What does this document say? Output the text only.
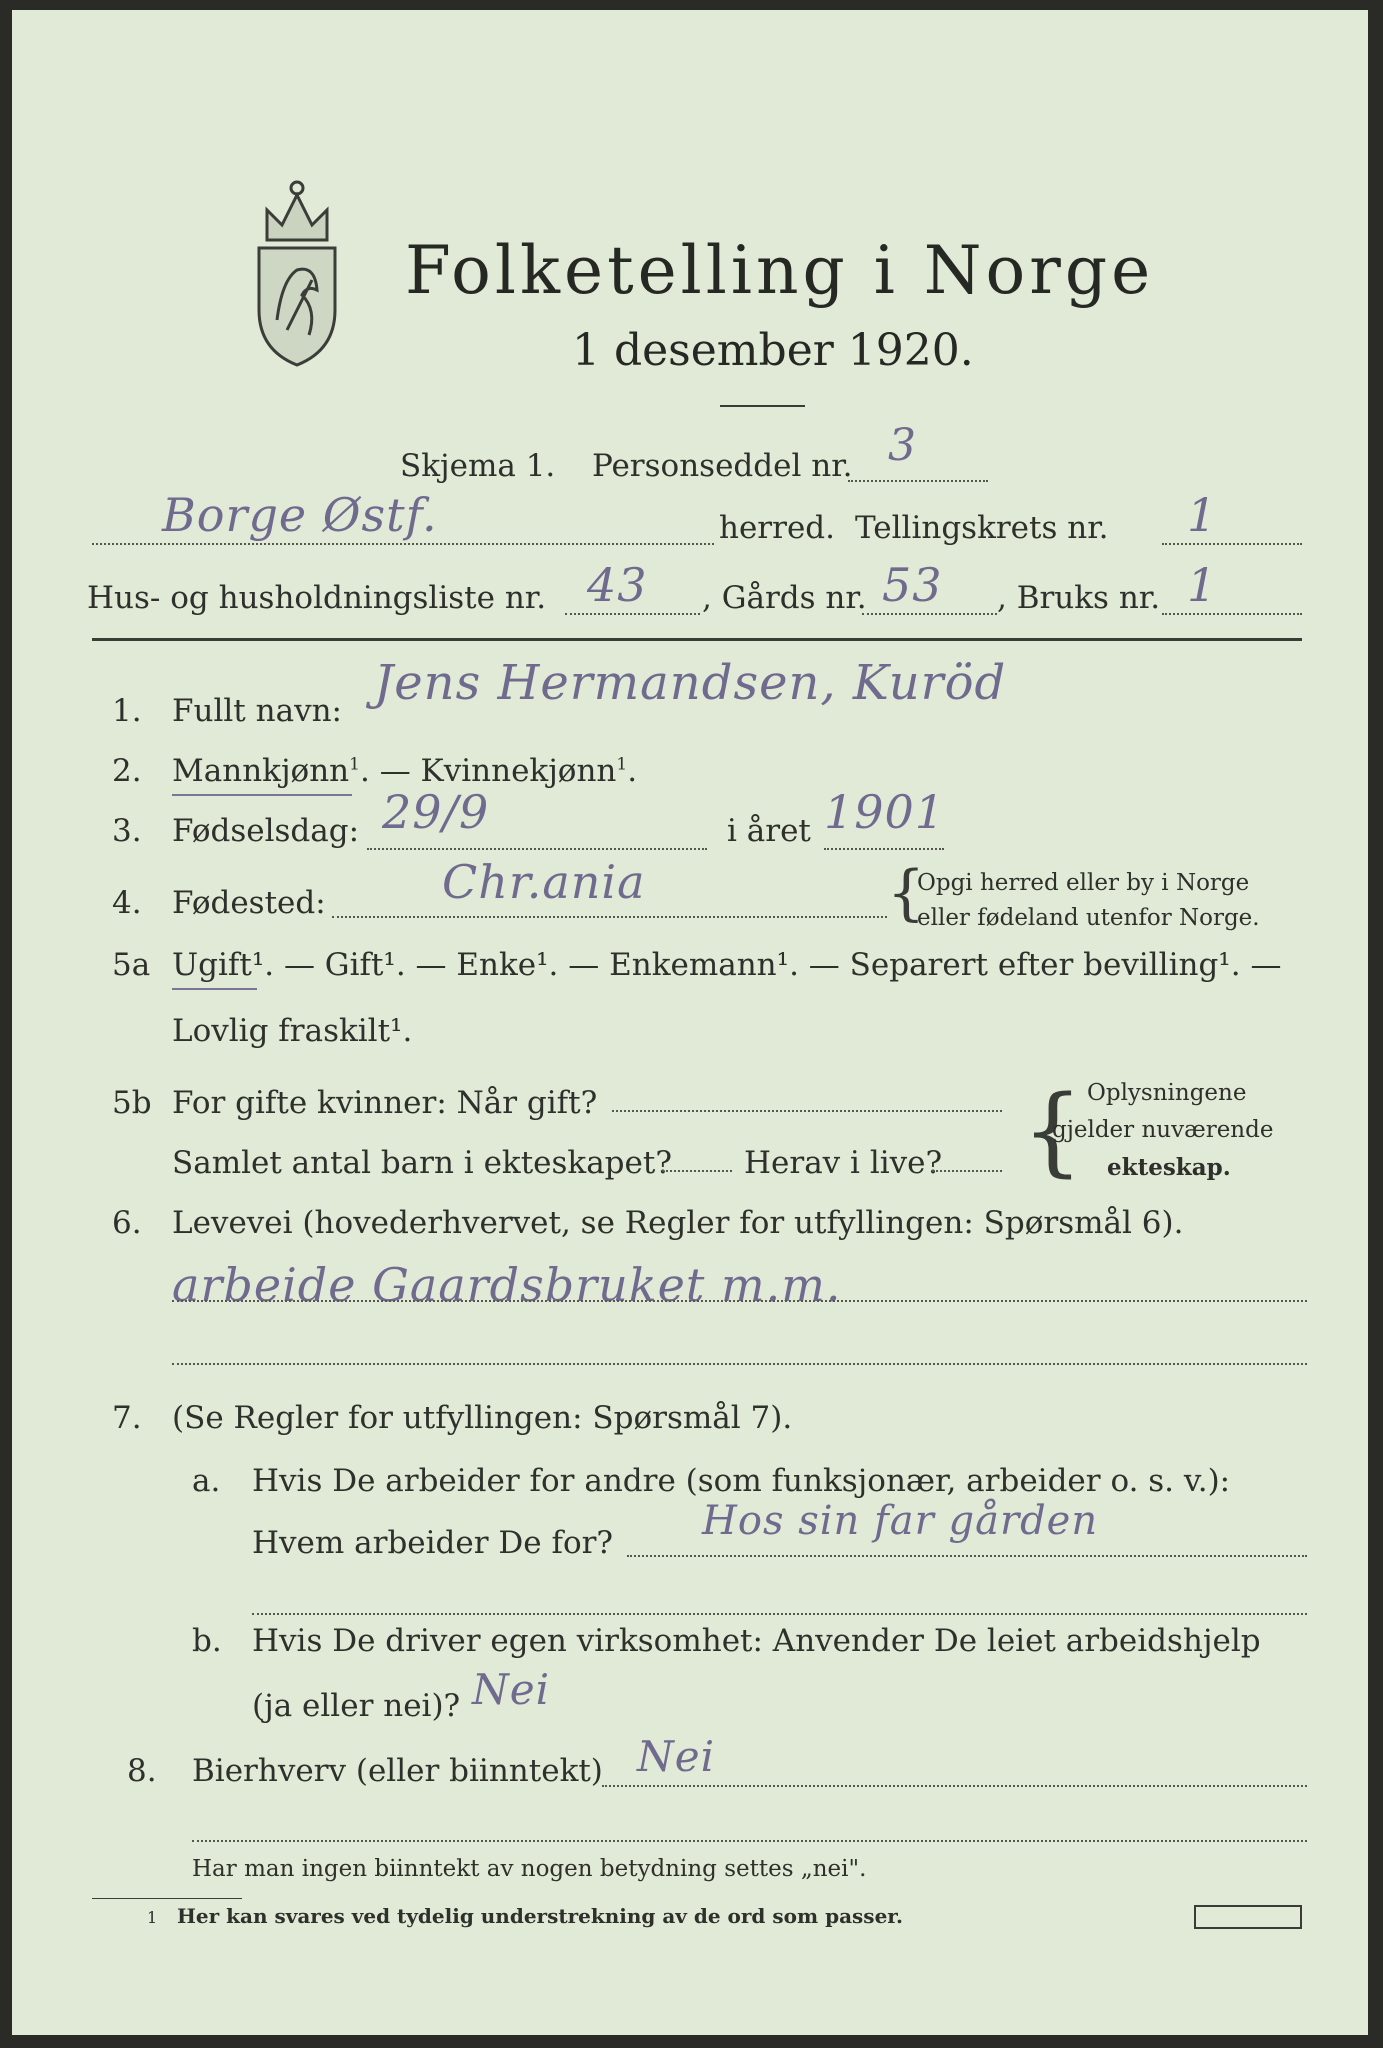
Folketelling i Norge
1 desember 1920.
Skjema 1. Personseddel nr. 3
Borge Østf.	herred. Tellingskrets nr. 1
Hus- og husholdningsliste nr. 43 , Gårds nr. 53 , Bruks nr. 1
1. Fullt navn: Jens Hermandsen, Kuröd
2. Mannkjønn$^1$. — Kvinnekjønn$^1$.
3. Fødselsdag: 29/9	i året 1901
4. Fødested:	Chr.ania	{
Opgi herred eller by i Norge
eller fødeland utenfor Norge.
5a Ugift¹. — Gift¹. — Enke¹. — Enkemann¹. — Separert efter bevilling¹. —
Lovlig fraskilt¹.
5b For gifte kvinner: Når gift?
Samlet antal barn i ekteskapet? Herav i live? { Oplysningene
gjelder nuværende
ekteskap.
6. Levevei (hovederhvervet, se Regler for utfyllingen: Spørsmål 6).
arbeide Gaardsbruket m.m.
7. (Se Regler for utfyllingen: Spørsmål 7).
a. Hvis De arbeider for andre (som funksjonær, arbeider o. s. v.):
Hvem arbeider De for? Hos sin far gården
b. Hvis De driver egen virksomhet: Anvender De leiet arbeidshjelp
(ja eller nei)? Nei
8. Bierhverv (eller biinntekt) Nei
Har man ingen biinntekt av nogen betydning settes „nei".
1 Her kan svares ved tydelig understrekning av de ord som passer.
